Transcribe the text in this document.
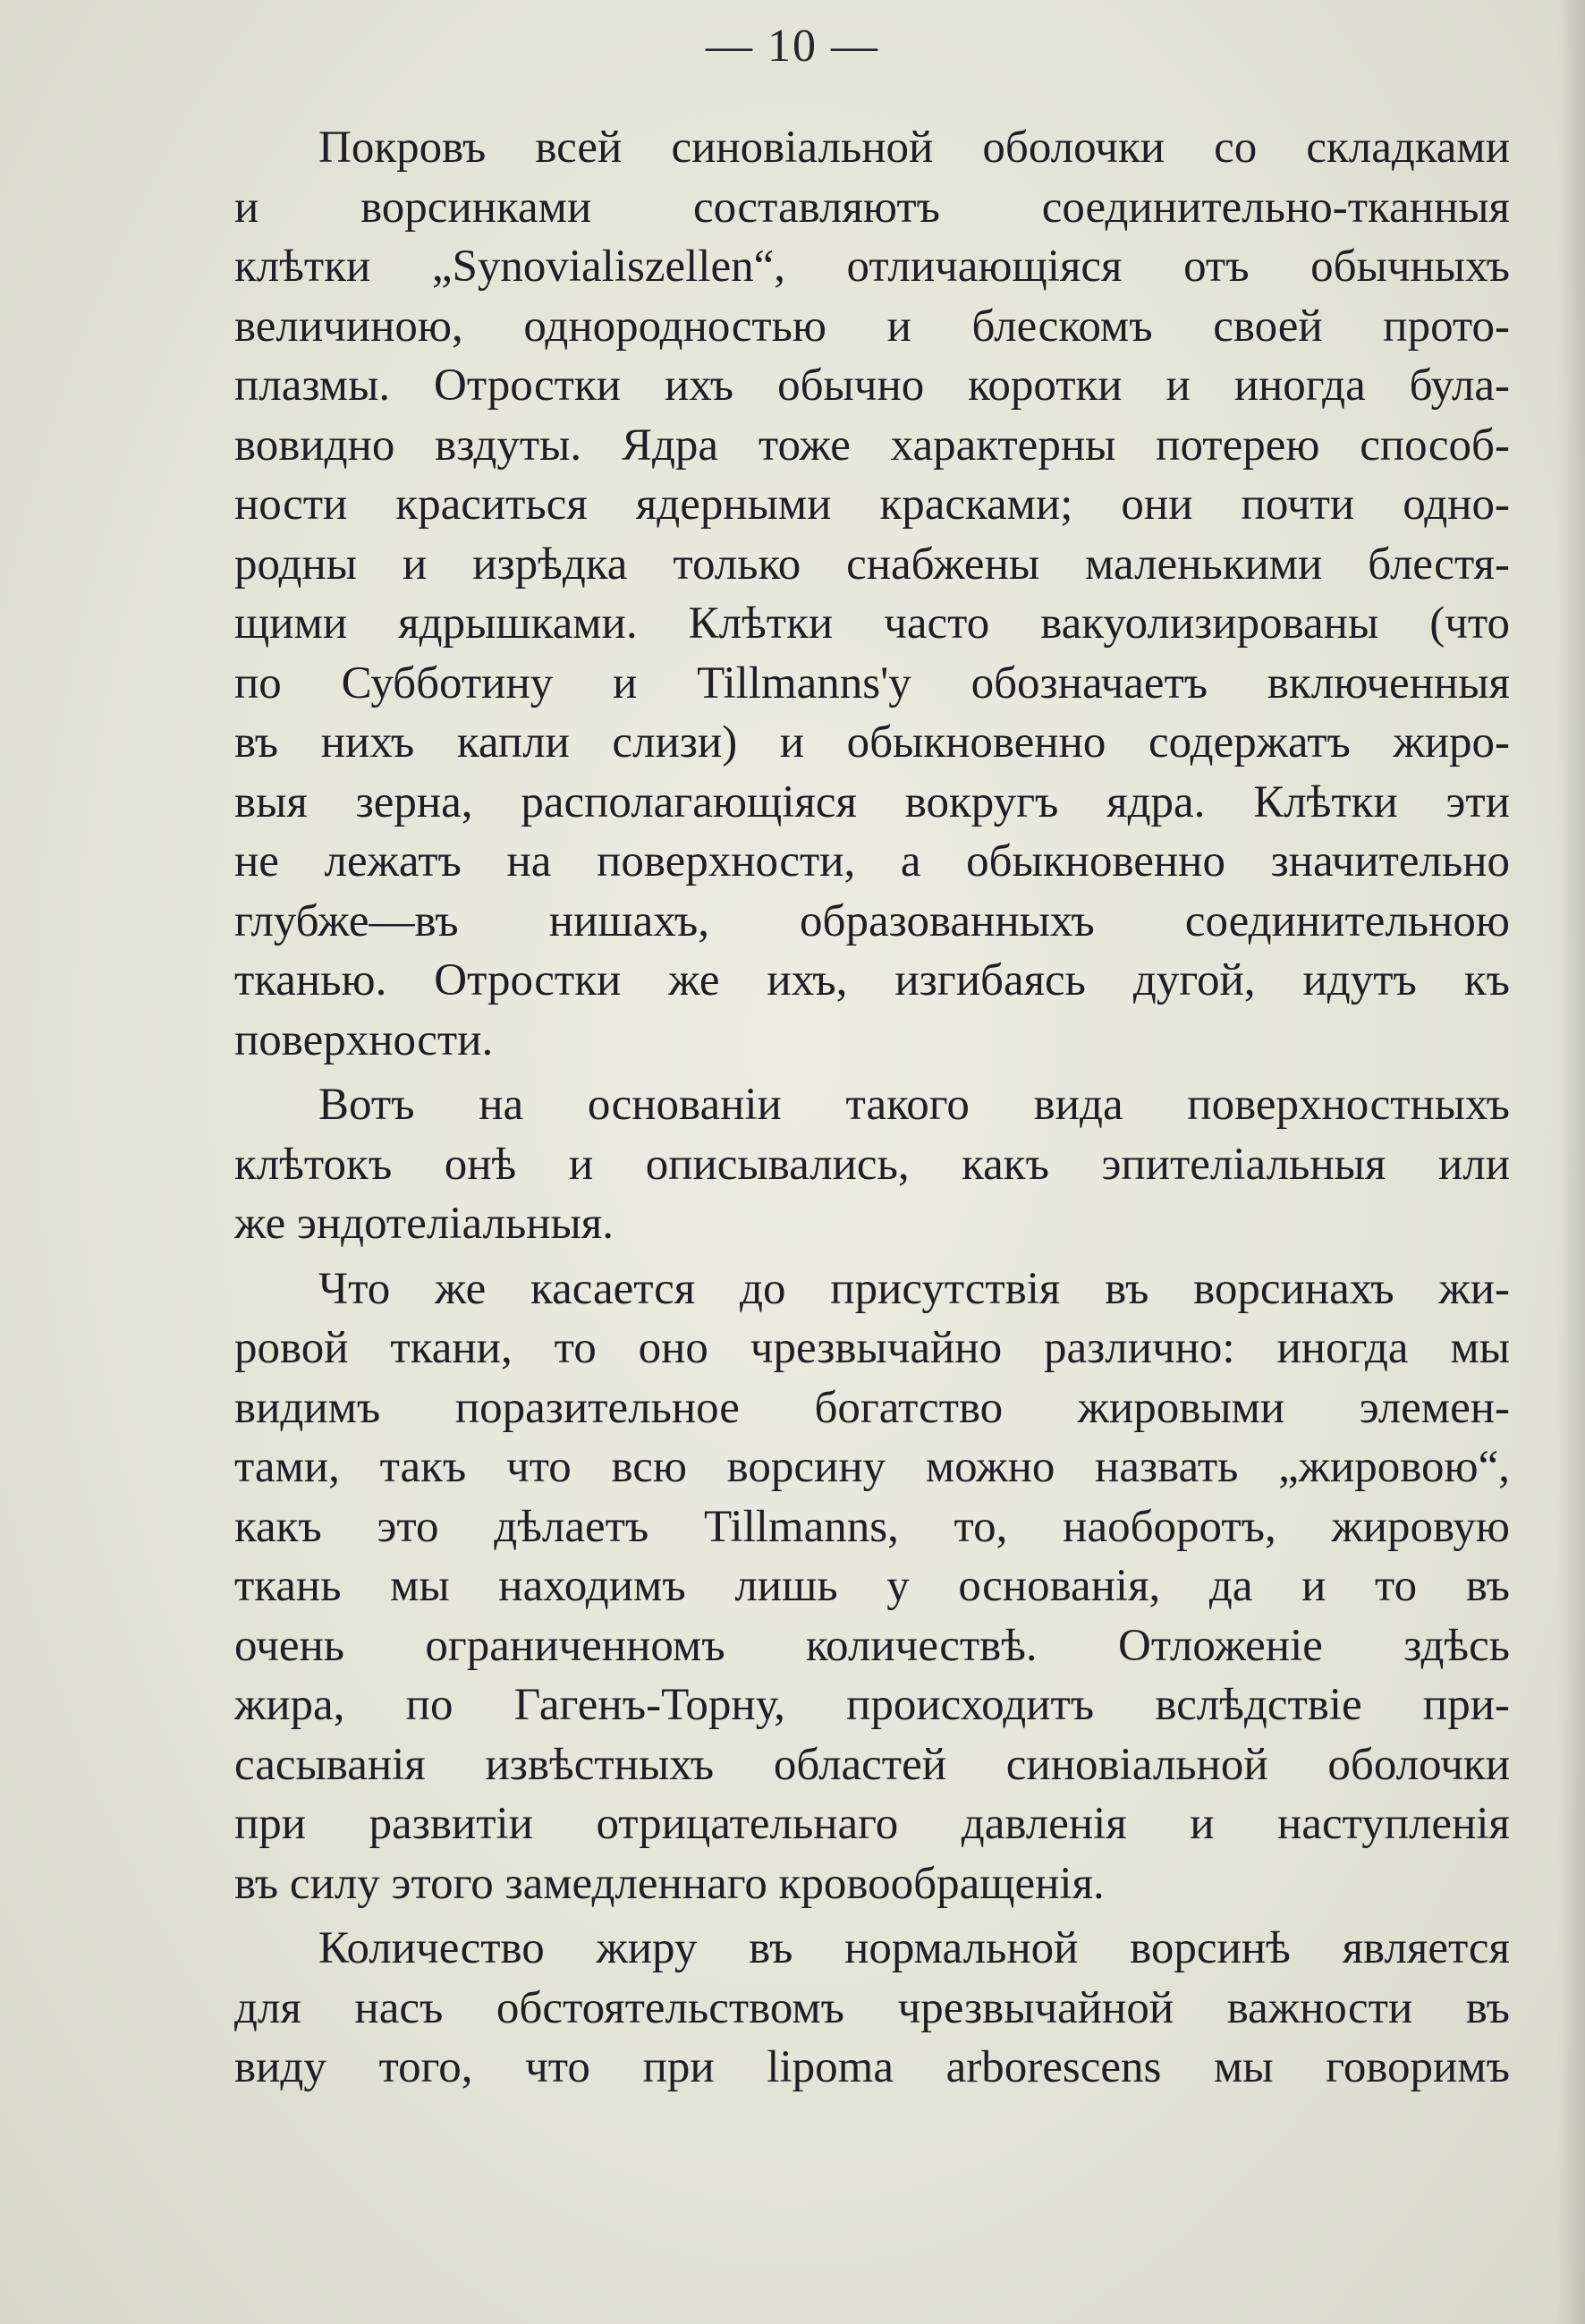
— 10 —
Покровъ всей синовіальной оболочки со складками
и ворсинками составляютъ соединительно-тканныя
клѣтки „Synovialiszellen“, отличающіяся отъ обычныхъ
величиною, однородностью и блескомъ своей прото-
плазмы. Отростки ихъ обычно коротки и иногда була-
вовидно вздуты. Ядра тоже характерны потерею способ-
ности краситься ядерными красками; они почти одно-
родны и изрѣдка только снабжены маленькими блестя-
щими ядрышками. Клѣтки часто вакуолизированы (что
по Субботину и Tillmanns'у обозначаетъ включенныя
въ нихъ капли слизи) и обыкновенно содержатъ жиро-
выя зерна, располагающіяся вокругъ ядра. Клѣтки эти
не лежатъ на поверхности, а обыкновенно значительно
глубже—въ нишахъ, образованныхъ соединительною
тканью. Отростки же ихъ, изгибаясь дугой, идутъ къ
поверхности.
Вотъ на основаніи такого вида поверхностныхъ
клѣтокъ онѣ и описывались, какъ эпителіальныя или
же эндотеліальныя.
Что же касается до присутствія въ ворсинахъ жи-
ровой ткани, то оно чрезвычайно различно: иногда мы
видимъ поразительное богатство жировыми элемен-
тами, такъ что всю ворсину можно назвать „жировою“,
какъ это дѣлаетъ Tillmanns, то, наоборотъ, жировую
ткань мы находимъ лишь у основанія, да и то въ
очень ограниченномъ количествѣ. Отложеніе здѣсь
жира, по Гагенъ-Торну, происходитъ вслѣдствіе при-
сасыванія извѣстныхъ областей синовіальной оболочки
при развитіи отрицательнаго давленія и наступленія
въ силу этого замедленнаго кровообращенія.
Количество жиру въ нормальной ворсинѣ является
для насъ обстоятельствомъ чрезвычайной важности въ
виду того, что при lipoma arborescens мы говоримъ
